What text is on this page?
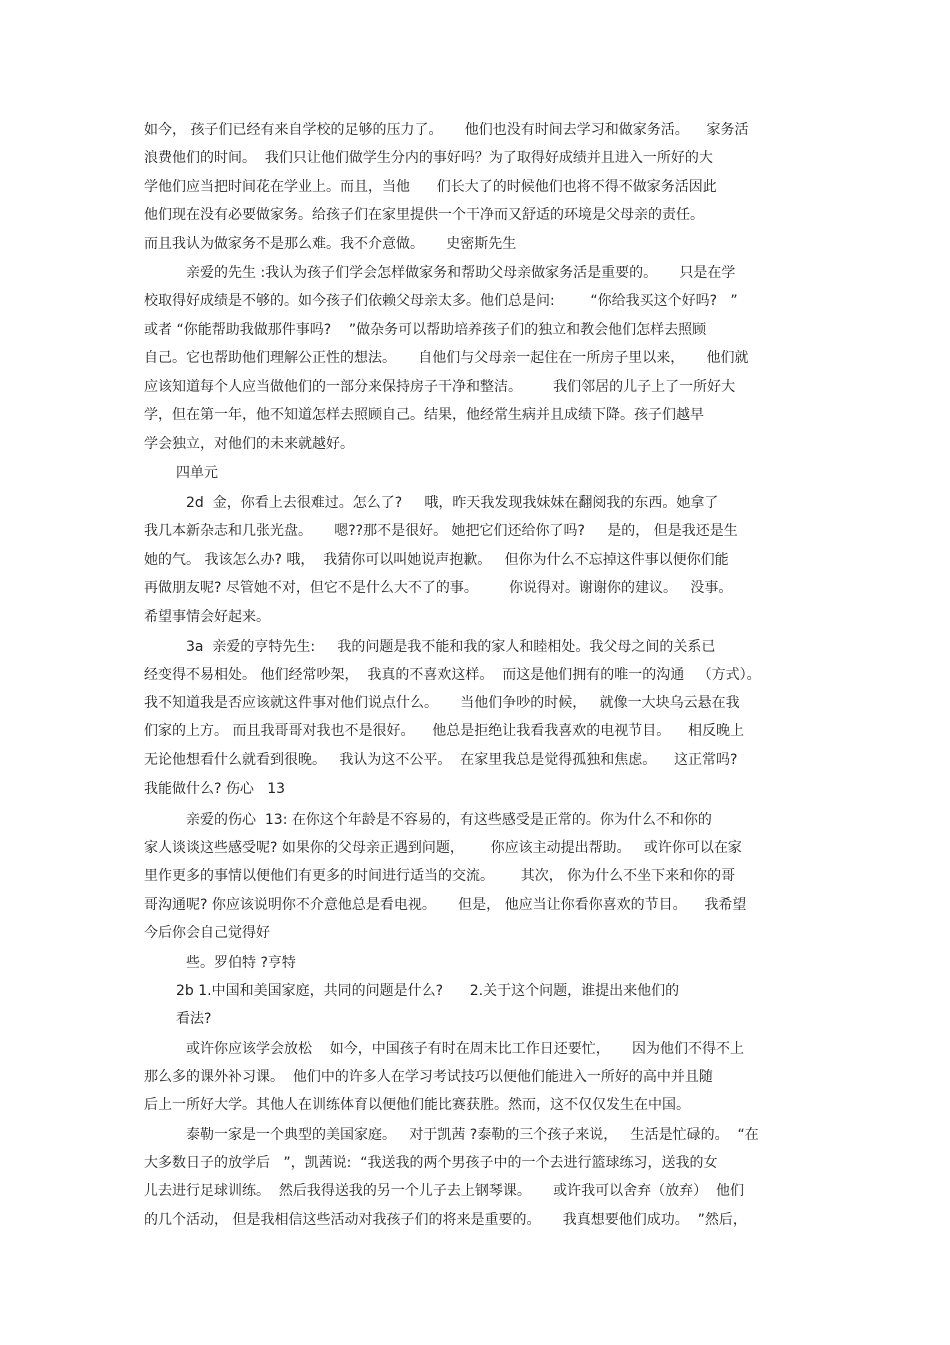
如今， 孩子们已经有来自学校的足够的压力了。     他们也没有时间去学习和做家务活。    家务活
浪费他们的时间。  我们只让他们做学生分内的事好吗？为了取得好成绩并且进入一所好的大
学他们应当把时间花在学业上。而且，当他      们长大了的时候他们也将不得不做家务活因此
他们现在没有必要做家务。给孩子们在家里提供一个干净而又舒适的环境是父母亲的责任。
而且我认为做家务不是那么难。我不介意做。     史密斯先生
亲爱的先生 :我认为孩子们学会怎样做家务和帮助父母亲做家务活是重要的。     只是在学
校取得好成绩是不够的。如今孩子们依赖父母亲太多。他们总是问:        “你给我买这个好吗?   ”
或者 “你能帮助我做那件事吗?    ”做杂务可以帮助培养孩子们的独立和教会他们怎样去照顾
自己。它也帮助他们理解公正性的想法。     自他们与父母亲一起住在一所房子里以来，     他们就
应该知道每个人应当做他们的一部分来保持房子干净和整洁。       我们邻居的儿子上了一所好大
学，但在第一年，他不知道怎样去照顾自己。结果，他经常生病并且成绩下降。孩子们越早
学会独立，对他们的未来就越好。
四单元
2d  金，你看上去很难过。怎么了?     哦，昨天我发现我妹妹在翻阅我的东西。她拿了
我几本新杂志和几张光盘。     嗯??那不是很好。 她把它们还给你了吗?     是的， 但是我还是生
她的气。 我该怎么办? 哦，  我猜你可以叫她说声抱歉。   但你为什么不忘掉这件事以便你们能
再做朋友呢? 尽管她不对，但它不是什么大不了的事。       你说得对。谢谢你的建议。   没事。
希望事情会好起来。
3a  亲爱的亨特先生:     我的问题是我不能和我的家人和睦相处。我父母之间的关系已
经变得不易相处。 他们经常吵架，  我真的不喜欢这样。  而这是他们拥有的唯一的沟通   （方式）。
我不知道我是否应该就这件事对他们说点什么。     当他们争吵的时候，   就像一大块乌云悬在我
们家的上方。 而且我哥哥对我也不是很好。    他总是拒绝让我看我喜欢的电视节目。    相反晚上
无论他想看什么就看到很晚。   我认为这不公平。  在家里我总是觉得孤独和焦虑。    这正常吗?
我能做什么? 伤心   13
亲爱的伤心  13: 在你这个年龄是不容易的，有这些感受是正常的。你为什么不和你的
家人谈谈这些感受呢? 如果你的父母亲正遇到问题，      你应该主动提出帮助。   或许你可以在家
里作更多的事情以便他们有更多的时间进行适当的交流。      其次， 你为什么不坐下来和你的哥
哥沟通呢? 你应该说明你不介意他总是看电视。     但是， 他应当让你看你喜欢的节目。    我希望
今后你会自己觉得好
些。罗伯特 ?亨特
2b 1.中国和美国家庭，共同的问题是什么?      2.关于这个问题，谁提出来他们的
看法?
或许你应该学会放松    如今，中国孩子有时在周末比工作日还要忙，     因为他们不得不上
那么多的课外补习课。  他们中的许多人在学习考试技巧以便他们能进入一所好的高中并且随
后上一所好大学。其他人在训练体育以便他们能比赛获胜。然而，这不仅仅发生在中国。
泰勒一家是一个典型的美国家庭。   对于凯茜 ?泰勒的三个孩子来说，   生活是忙碌的。  “在
大多数日子的放学后   ”，凯茜说:  “我送我的两个男孩子中的一个去进行篮球练习，送我的女
儿去进行足球训练。  然后我得送我的另一个儿子去上钢琴课。     或许我可以舍弃（放弃）  他们
的几个活动， 但是我相信这些活动对我孩子们的将来是重要的。     我真想要他们成功。  ”然后，
